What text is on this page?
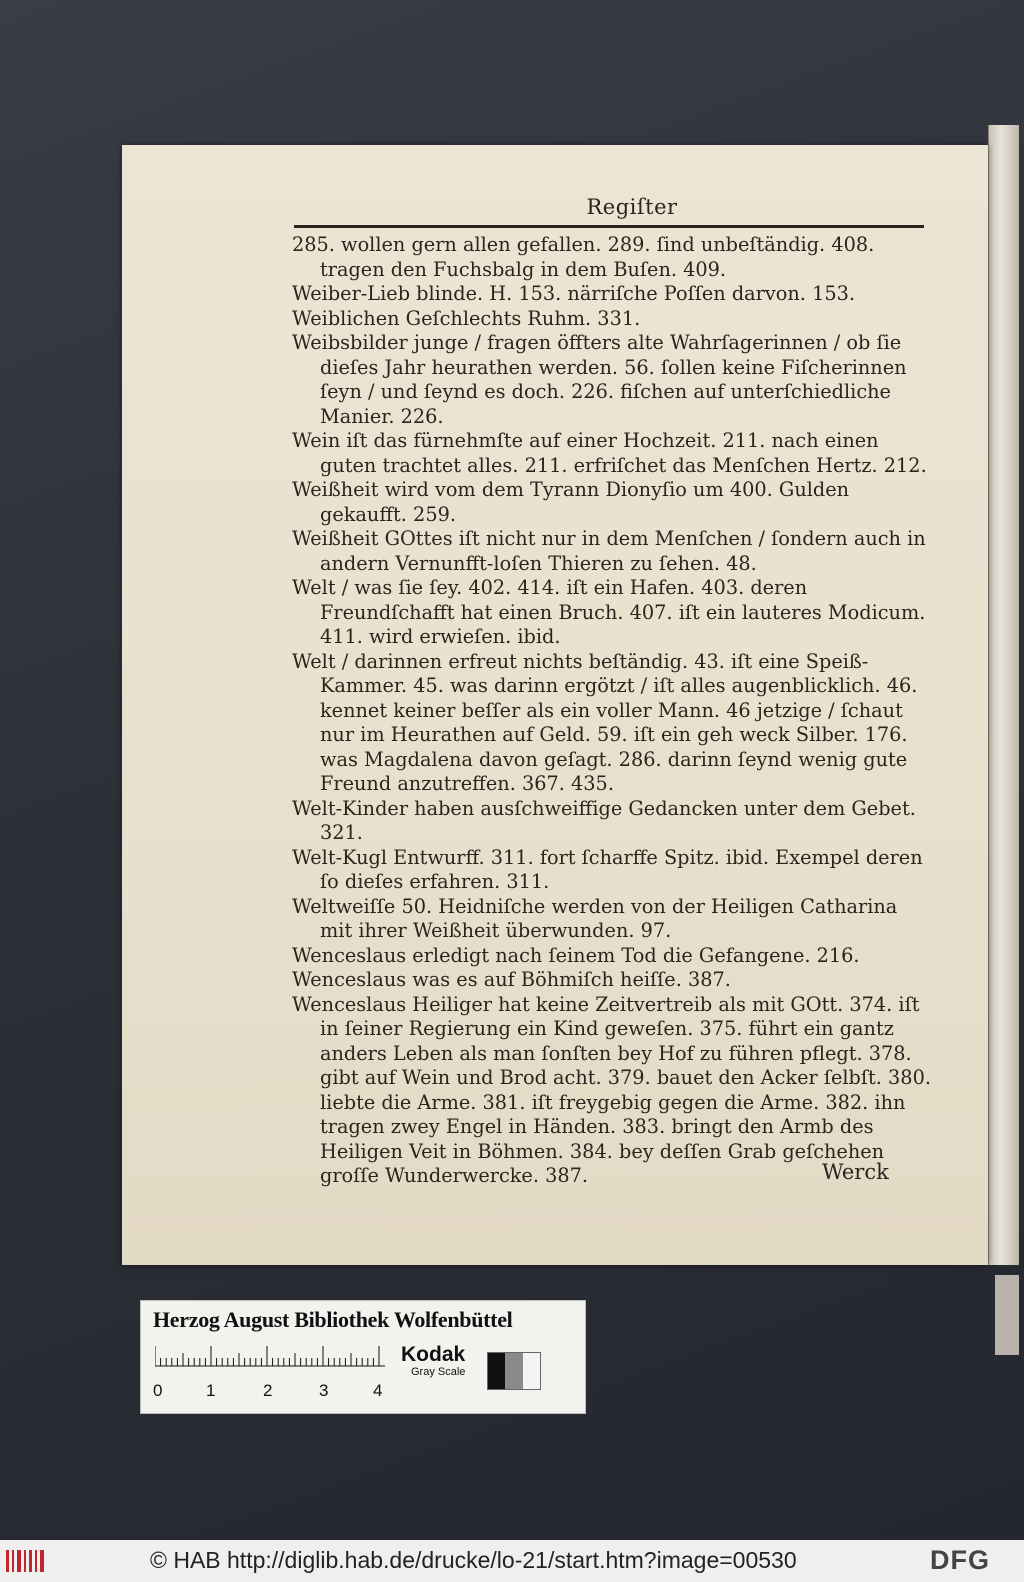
Regiſter

285. wollen gern allen gefallen. 289. ſind unbeſtändig. 408. tragen den Fuchsbalg in dem Buſen. 409.

Weiber-Lieb blinde. H. 153. närriſche Poſſen darvon. 153.

Weiblichen Geſchlechts Ruhm. 331.

Weibsbilder junge / fragen öffters alte Wahrſagerinnen / ob ſie dieſes Jahr heurathen werden. 56. ſollen keine Fiſcherinnen ſeyn / und ſeynd es doch. 226. fiſchen auf unterſchiedliche Manier. 226.

Wein iſt das fürnehmſte auf einer Hochzeit. 211. nach einen guten trachtet alles. 211. erfriſchet das Menſchen Hertz. 212.

Weißheit wird vom dem Tyrann Dionyſio um 400. Gulden gekaufft. 259.

Weißheit GOttes iſt nicht nur in dem Menſchen / ſondern auch in andern Vernunfft-loſen Thieren zu ſehen. 48.

Welt / was ſie ſey. 402. 414. iſt ein Hafen. 403. deren Freundſchafft hat einen Bruch. 407. iſt ein lauteres Modicum. 411. wird erwieſen. ibid.

Welt / darinnen erfreut nichts beſtändig. 43. iſt eine Speiß-Kammer. 45. was darinn ergötzt / iſt alles augenblicklich. 46. kennet keiner beſſer als ein voller Mann. 46 jetzige / ſchaut nur im Heurathen auf Geld. 59. iſt ein geh weck Silber. 176. was Magdalena davon geſagt. 286. darinn ſeynd wenig gute Freund anzutreffen. 367. 435.

Welt-Kinder haben ausſchweiffige Gedancken unter dem Gebet. 321.

Welt-Kugl Entwurff. 311. fort ſcharffe Spitz. ibid. Exempel deren ſo dieſes erfahren. 311.

Weltweiſſe 50. Heidniſche werden von der Heiligen Catharina mit ihrer Weißheit überwunden. 97.

Wenceslaus erledigt nach ſeinem Tod die Gefangene. 216.

Wenceslaus was es auf Böhmiſch heiſſe. 387.

Wenceslaus Heiliger hat keine Zeitvertreib als mit GOtt. 374. iſt in ſeiner Regierung ein Kind geweſen. 375. führt ein gantz anders Leben als man ſonſten bey Hof zu führen pflegt. 378. gibt auf Wein und Brod acht. 379. bauet den Acker ſelbſt. 380. liebte die Arme. 381. iſt freygebig gegen die Arme. 382. ihn tragen zwey Engel in Händen. 383. bringt den Armb des Heiligen Veit in Böhmen. 384. bey deſſen Grab geſchehen groſſe Wunderwercke. 387.	Werck
Herzog August Bibliothek Wolfenbüttel
0	1	2	3	4
Kodak
Gray Scale
© HAB http://diglib.hab.de/drucke/lo-21/start.htm?image=00530	DFG
